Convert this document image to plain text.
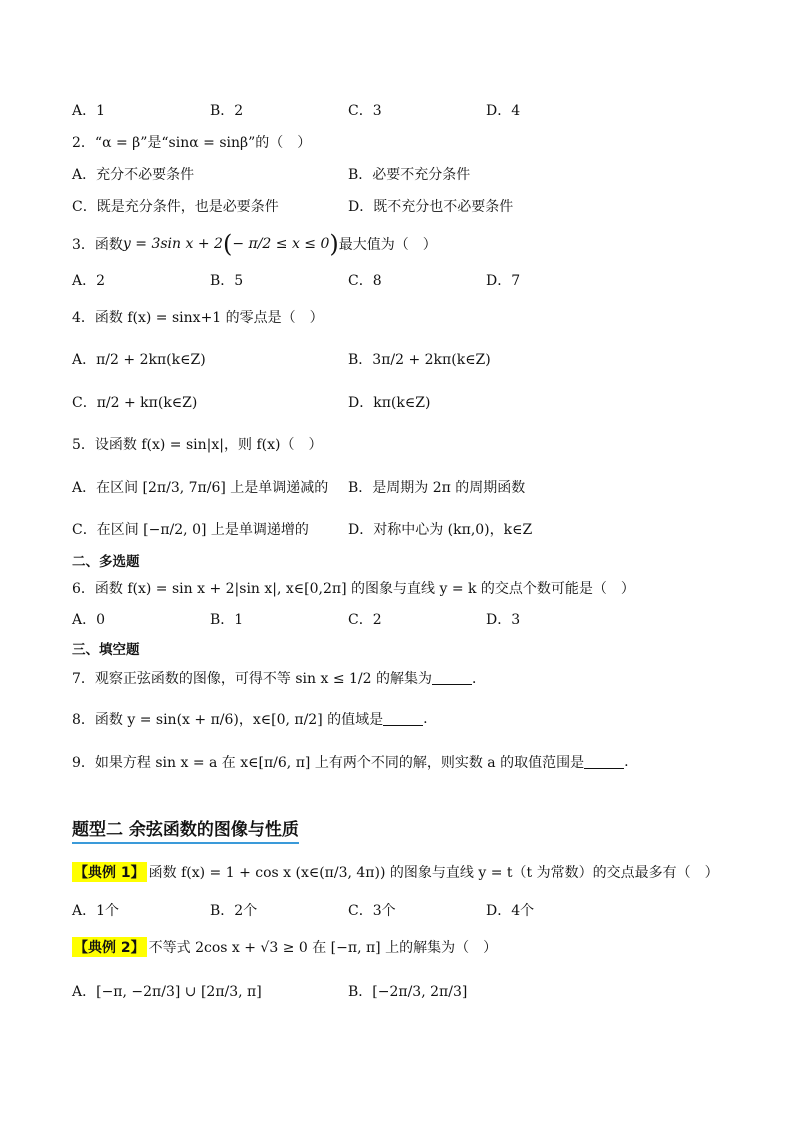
A．1	B．2	C．3	D．4
2．“α = β”是“sinα = sinβ”的（　）
A．充分不必要条件	B．必要不充分条件
C．既是充分条件，也是必要条件	D．既不充分也不必要条件
3．函数 y = 3sin x + 2 ( − π/2 ≤ x ≤ 0 ) 最大值为（　）
A．2	B．5	C．8	D．7
4．函数 f(x) = sinx+1 的零点是（　）
A．π/2 + 2kπ(k∈Z)	B．3π/2 + 2kπ(k∈Z)
C．π/2 + kπ(k∈Z)	D．kπ(k∈Z)
5．设函数 f(x) = sin|x|，则 f(x)（　）
A．在区间 [2π/3, 7π/6] 上是单调递减的 B．是周期为 2π 的周期函数
C．在区间 [−π/2, 0] 上是单调递增的	D．对称中心为 (kπ,0)，k∈Z
二、多选题
6．函数 f(x) = sin x + 2|sin x|, x∈[0,2π] 的图象与直线 y = k 的交点个数可能是（　）
A．0	B．1	C．2	D．3
三、填空题
7．观察正弦函数的图像，可得不等 sin x ≤ 1/2 的解集为	．
8．函数 y = sin(x + π/6)，x∈[0, π/2] 的值域是	.
9．如果方程 sin x = a 在 x∈[π/6, π] 上有两个不同的解，则实数 a 的取值范围是	.
题型二 余弦函数的图像与性质
【典例 1】 函数 f(x) = 1 + cos x (x∈(π/3, 4π)) 的图象与直线 y = t（t 为常数）的交点最多有（　）
A．1个	B．2个	C．3个	D．4个
【典例 2】 不等式 2cos x + √3 ≥ 0 在 [−π, π] 上的解集为（　）
A．[−π, −2π/3] ∪ [2π/3, π]	B．[−2π/3, 2π/3]
